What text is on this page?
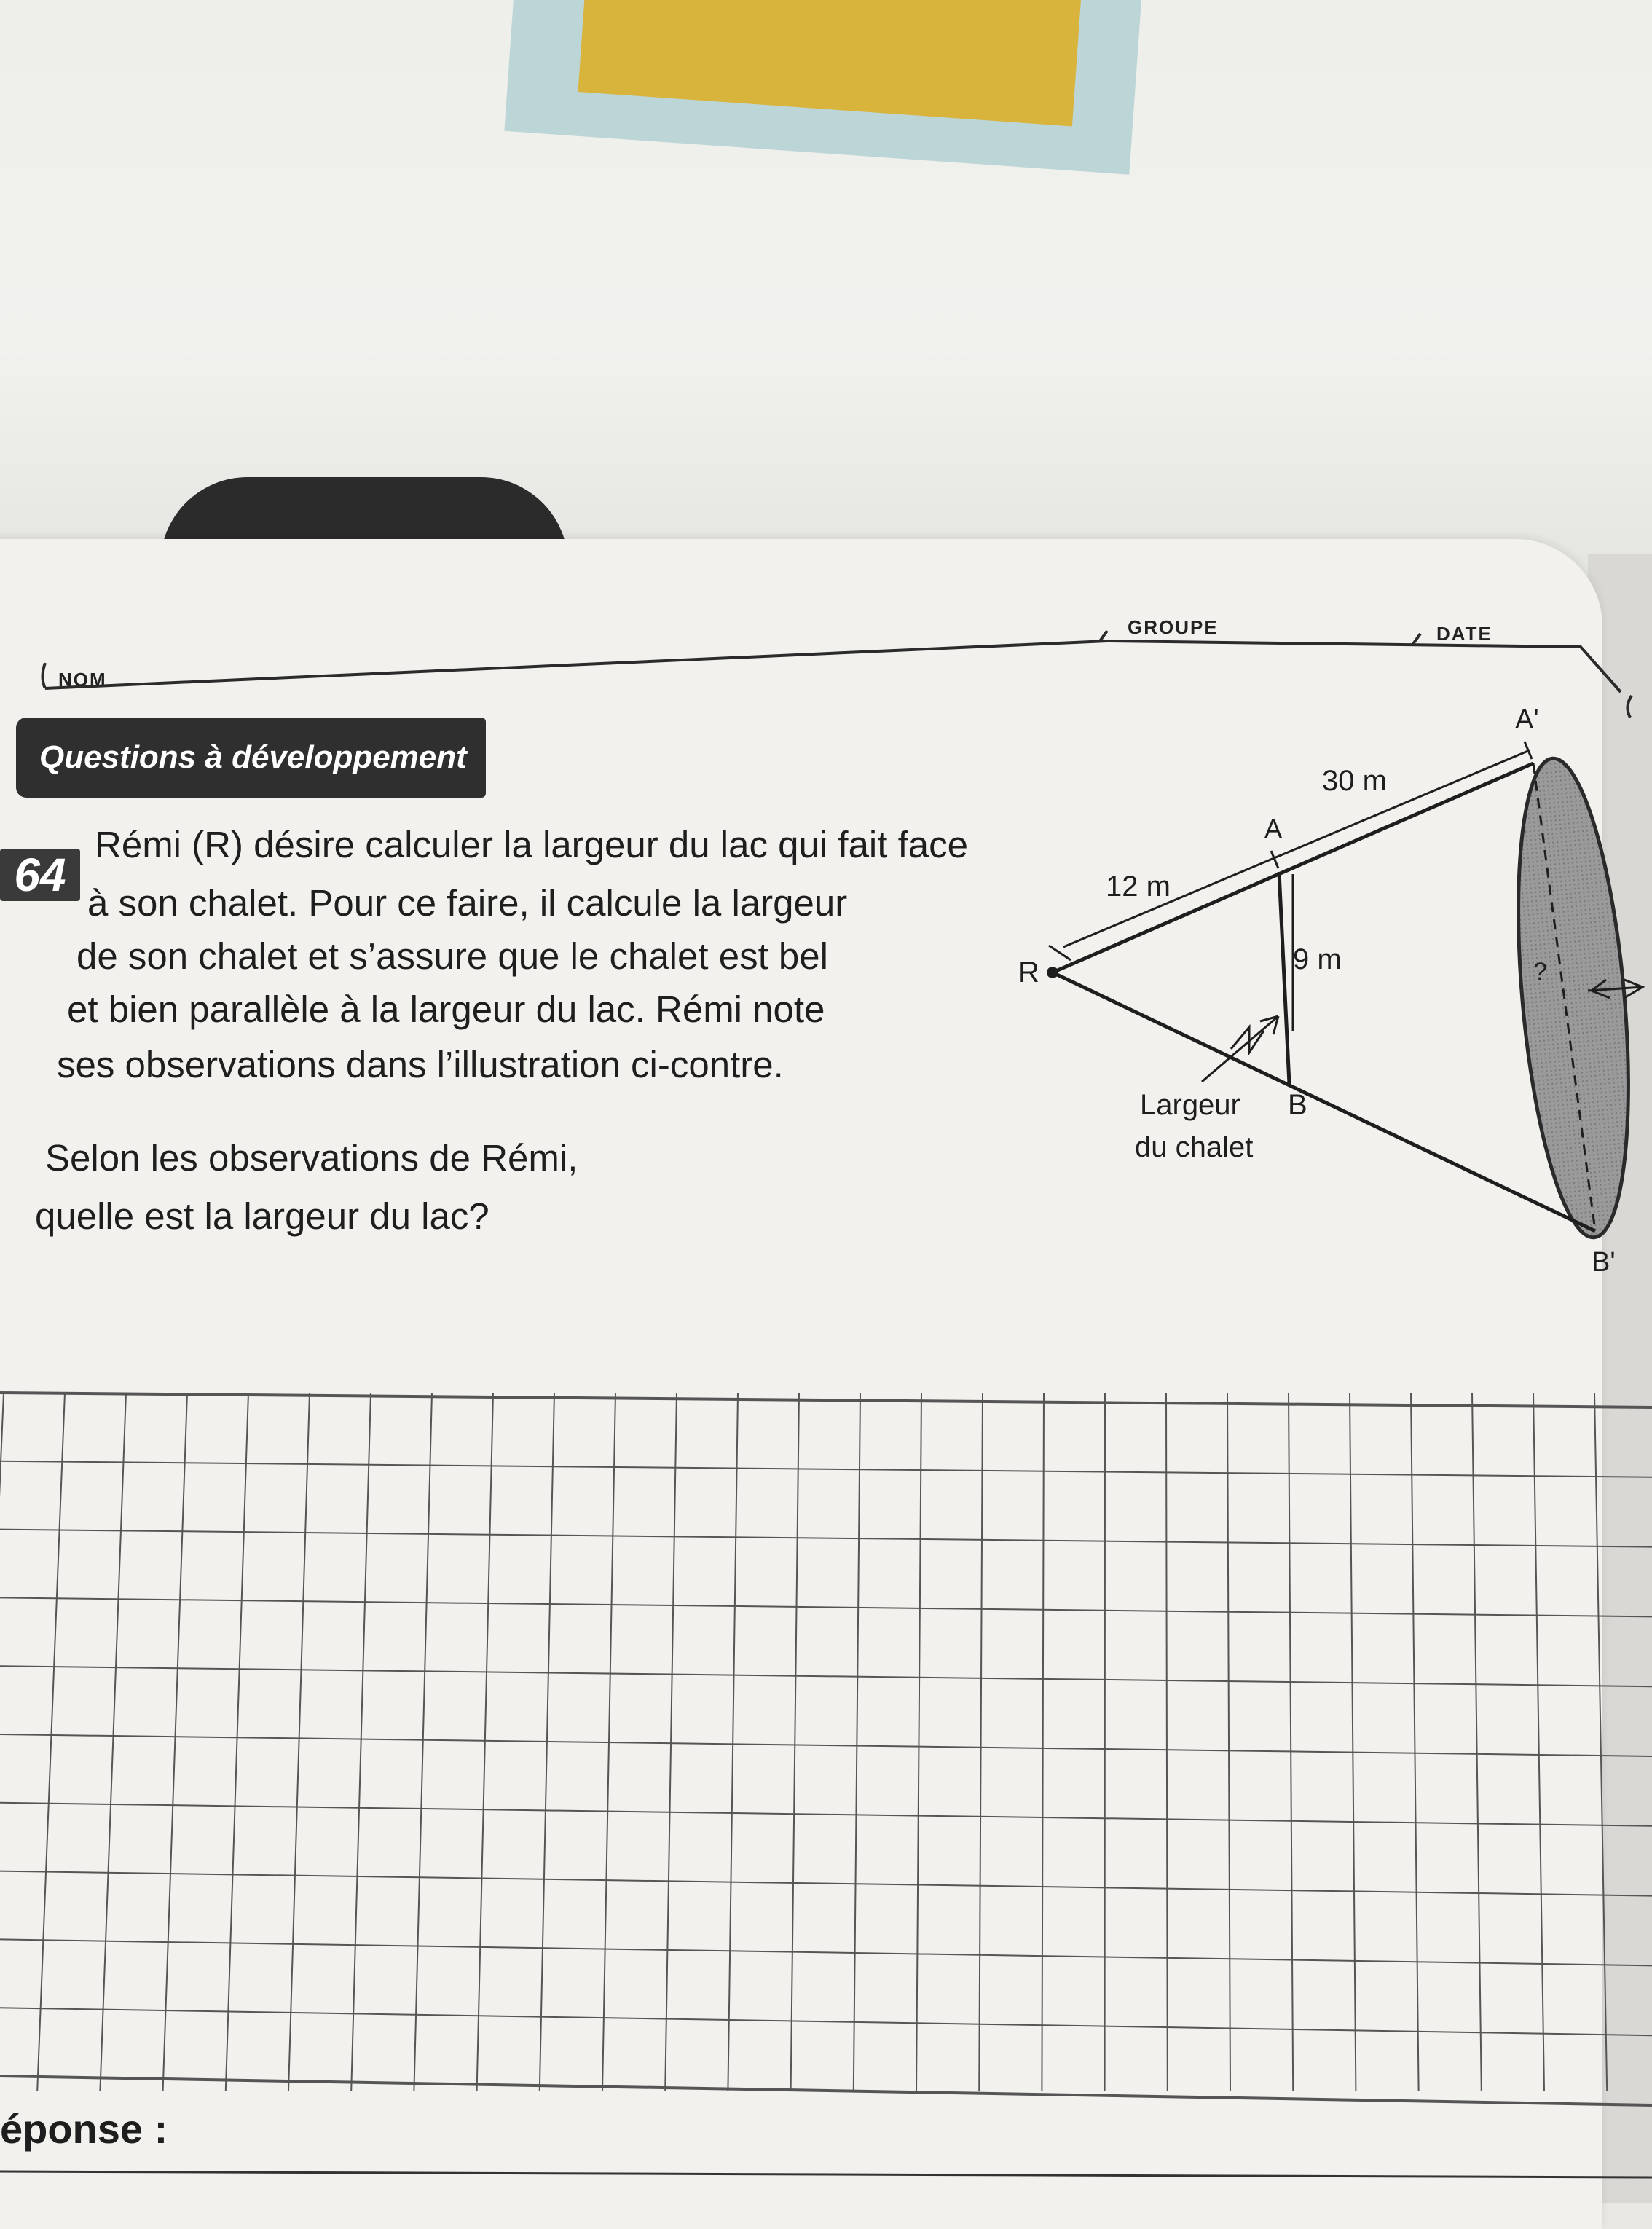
NOM
GROUPE	DATE
Questions à développement
64
Rémi (R) désire calculer la largeur du lac qui fait face
à son chalet. Pour ce faire, il calcule la largeur
de son chalet et s’assure que le chalet est bel
et bien parallèle à la largeur du lac. Rémi note
ses observations dans l’illustration ci-contre.
Selon les observations de Rémi,
quelle est la largeur du lac?
R
A
B
A'
B'
12 m
30 m
9 m	?
Largeur
du chalet
éponse :
